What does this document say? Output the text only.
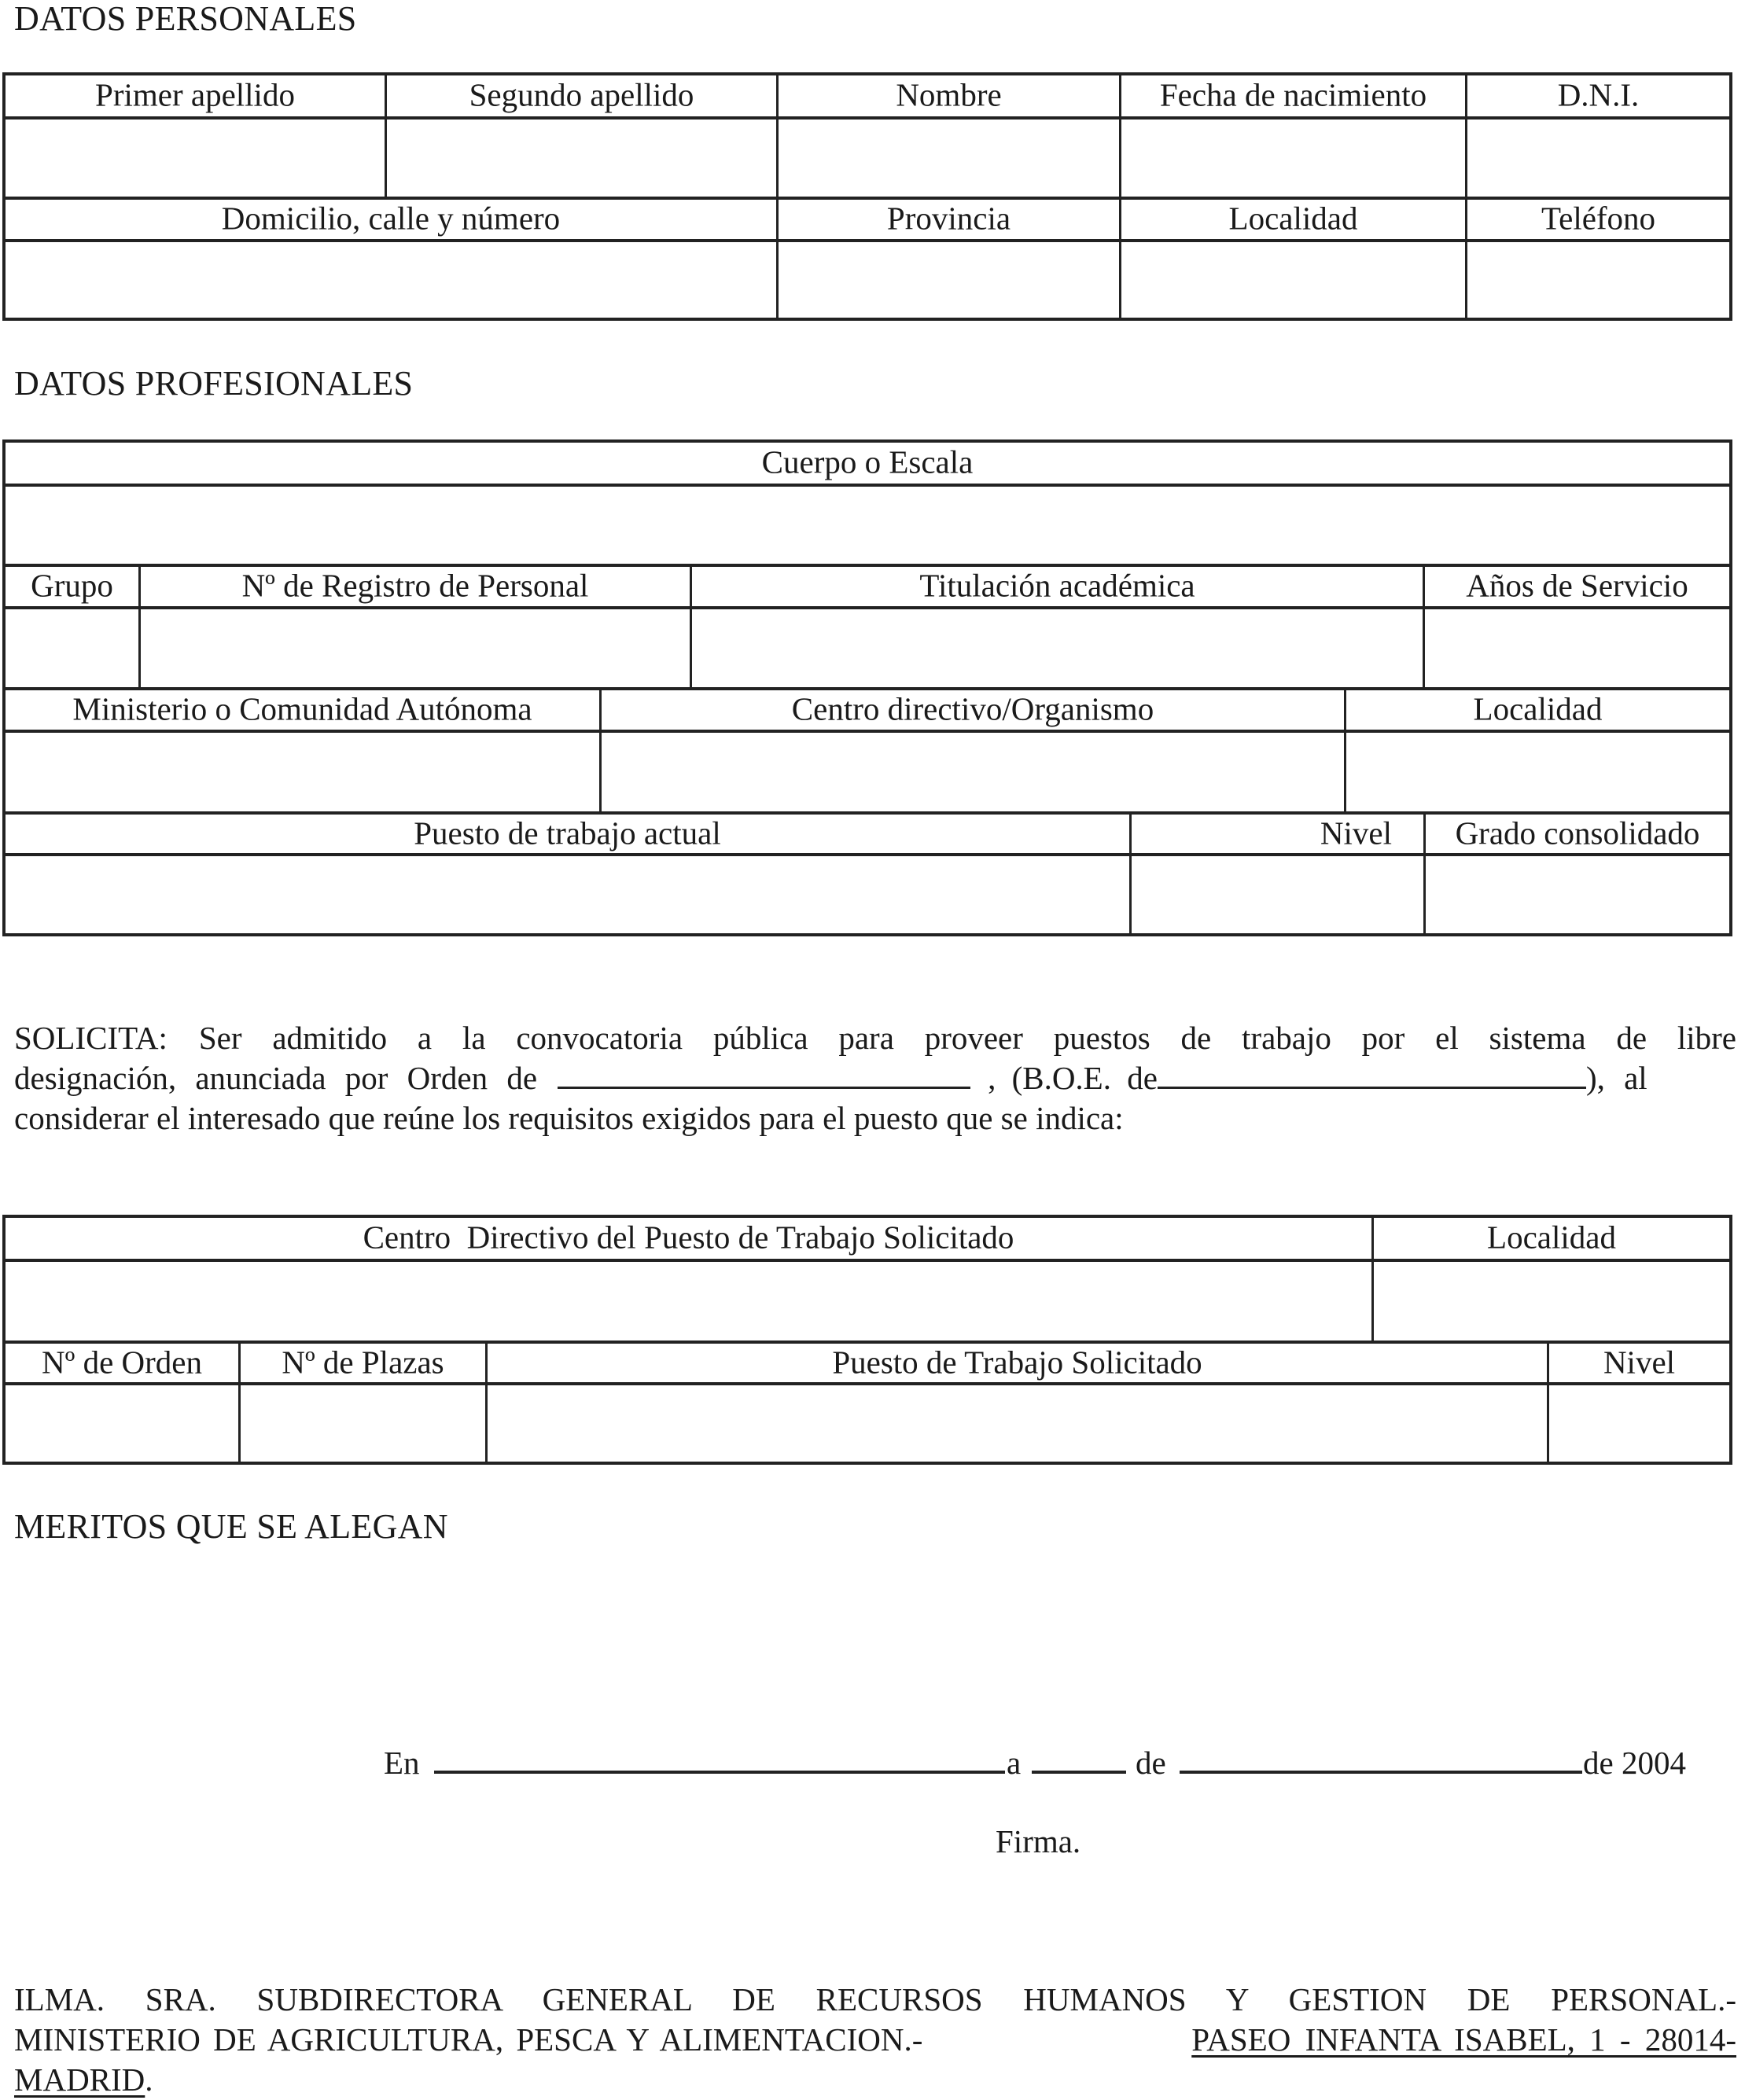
DATOS PERSONALES
Primer apellido	Segundo apellido	Nombre	Fecha de nacimiento	D.N.I.
Domicilio, calle y número	Provincia	Localidad	Teléfono
DATOS PROFESIONALES
Cuerpo o Escala
Grupo	Nº de Registro de Personal	Titulación académica	Años de Servicio
Ministerio o Comunidad Autónoma	Centro directivo/Organismo	Localidad
Puesto de trabajo actual	Nivel	Grado consolidado
SOLICITA: Ser admitido a la convocatoria pública para proveer puestos de trabajo por el sistema de libre
designación, anunciada por Orden de	, (B.O.E. de	), al
considerar el interesado que reúne los requisitos exigidos para el puesto que se indica:
Centro  Directivo del Puesto de Trabajo Solicitado	Localidad
Nº de Orden	Nº de Plazas	Puesto de Trabajo Solicitado	Nivel
MERITOS QUE SE ALEGAN
En	a	de	de 2004
Firma.
ILMA. SRA. SUBDIRECTORA GENERAL DE RECURSOS HUMANOS Y GESTION DE PERSONAL.-
MINISTERIO DE AGRICULTURA, PESCA Y ALIMENTACION.-	PASEO INFANTA ISABEL, 1 - 28014-
MADRID.
